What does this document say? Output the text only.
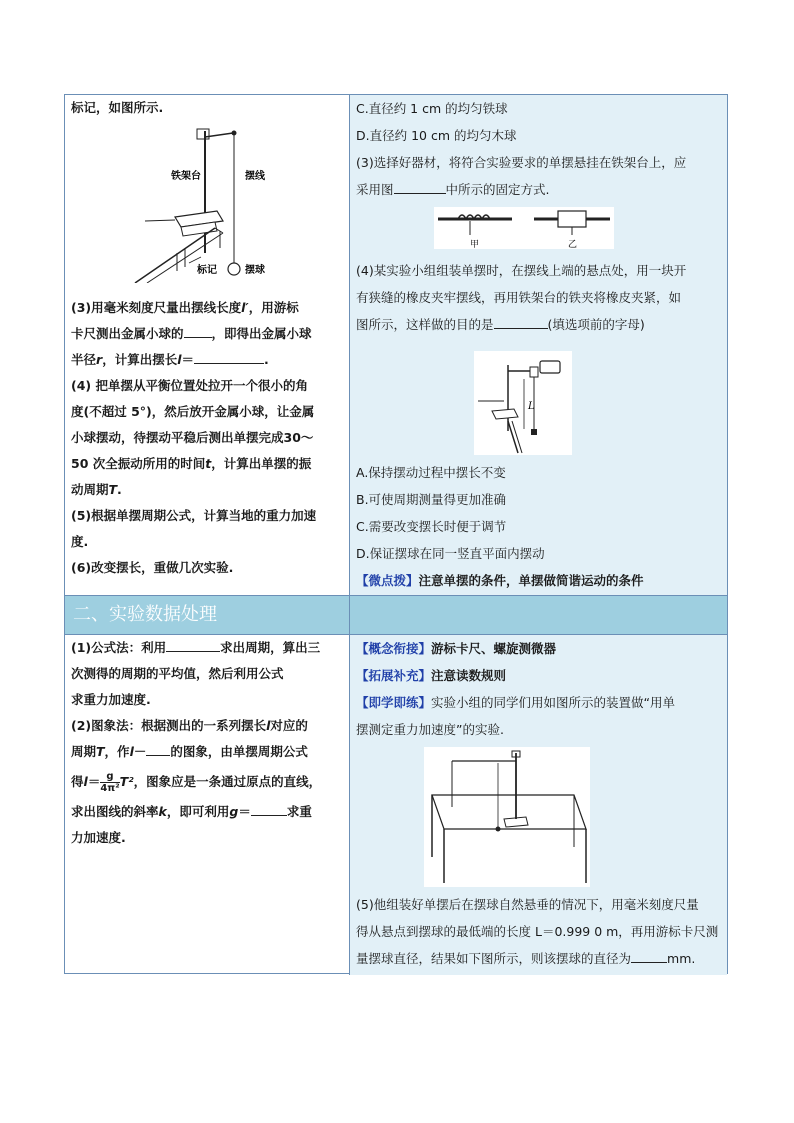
标记，如图所示.

铁架台	摆线
标记	摆球

(3)用毫米刻度尺量出摆线长度l′，用游标

卡尺测出金属小球的 ，即得出金属小球

半径r，计算出摆长l＝	.

(4) 把单摆从平衡位置处拉开一个很小的角

度(不超过 5°)，然后放开金属小球，让金属

小球摆动，待摆动平稳后测出单摆完成30～

50 次全振动所用的时间t，计算出单摆的振

动周期T.

(5)根据单摆周期公式，计算当地的重力加速

度.

(6)改变摆长，重做几次实验.

C.直径约 1 cm 的均匀铁球

D.直径约 10 cm 的均匀木球

(3)选择好器材，将符合实验要求的单摆悬挂在铁架台上，应

采用图	中所示的固定方式.

甲	乙

(4)某实验小组组装单摆时，在摆线上端的悬点处，用一块开

有狭缝的橡皮夹牢摆线，再用铁架台的铁夹将橡皮夹紧，如

图所示，这样做的目的是	(填选项前的字母)

L

A.保持摆动过程中摆长不变

B.可使周期测量得更加准确

C.需要改变摆长时便于调节

D.保证摆球在同一竖直平面内摆动

【微点拨】注意单摆的条件，单摆做简谐运动的条件

二、实验数据处理

(1)公式法：利用	求出周期，算出三

次测得的周期的平均值，然后利用公式

求重力加速度.

(2)图象法：根据测出的一系列摆长l对应的

周期T，作l－ 的图象，由单摆周期公式

得$l= \frac{g}{\text{4π²}} T^2$，图象应是一条通过原点的直线，

求出图线的斜率k，即可利用g＝	求重

力加速度.

【概念衔接】游标卡尺、螺旋测微器

【拓展补充】注意读数规则

【即学即练】实验小组的同学们用如图所示的装置做“用单

摆测定重力加速度”的实验.

(5)他组装好单摆后在摆球自然悬垂的情况下，用毫米刻度尺量

得从悬点到摆球的最低端的长度 L＝0.999 0 m，再用游标卡尺测

量摆球直径，结果如下图所示，则该摆球的直径为	mm.
